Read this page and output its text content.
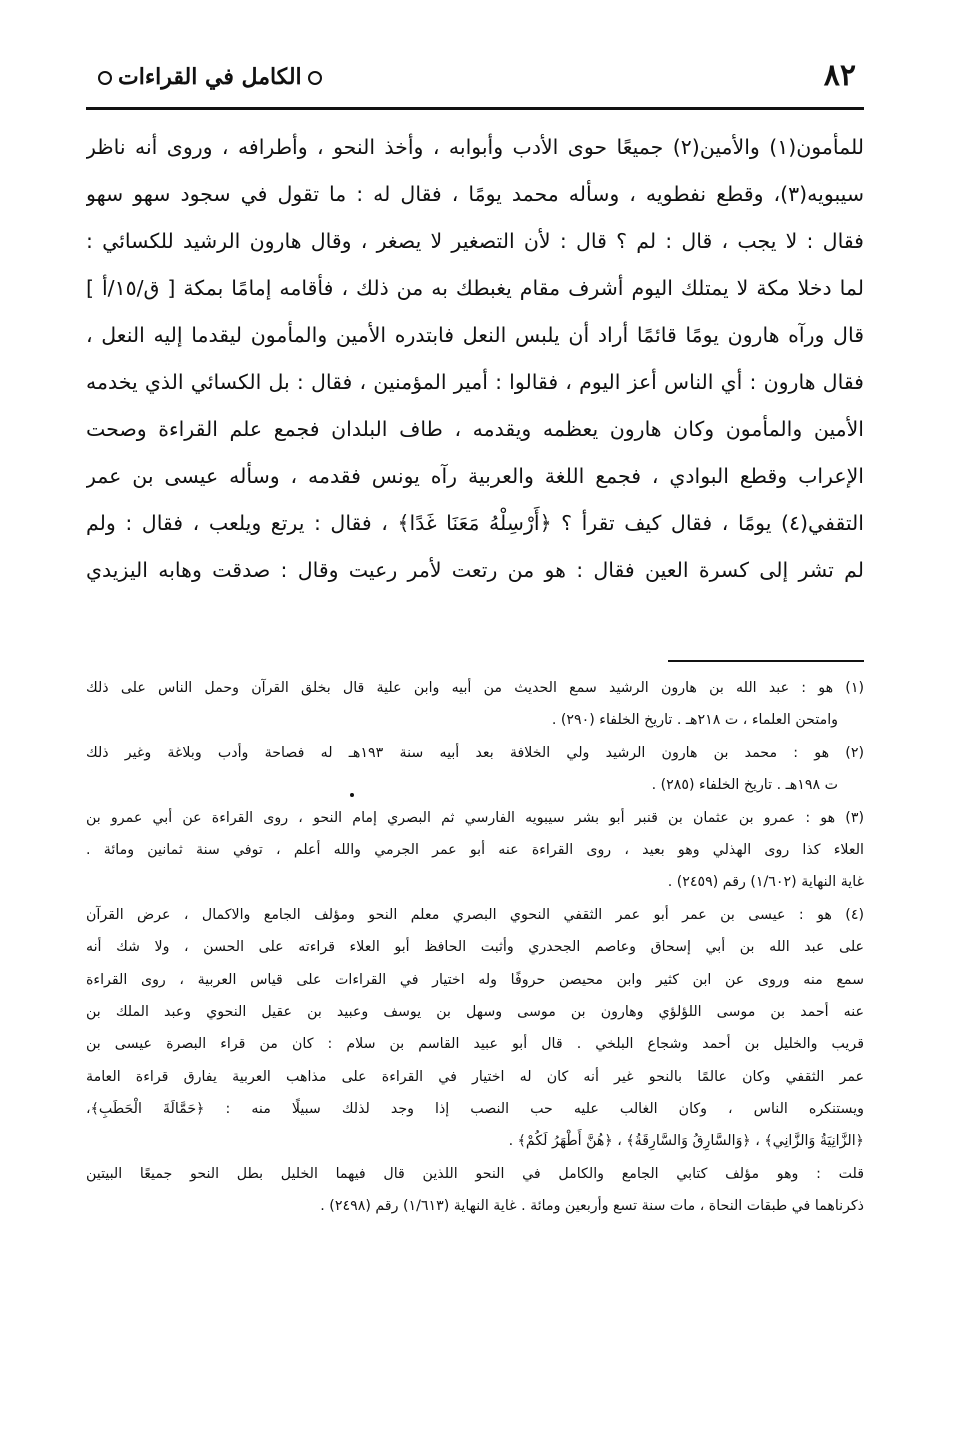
٨٢
الكامل في القراءات
للمأمون(١) والأمين(٢) جميعًا حوى الأدب وأبوابه ، وأخذ النحو ، وأطرافه ، وروى أنه ناظر
سيبويه(٣)، وقطع نفطويه ، وسأله محمد يومًا ، فقال له : ما تقول في سجود سهو سهو
فقال : لا يجب ، قال : لم ؟ قال : لأن التصغير لا يصغر ، وقال هارون الرشيد للكسائي :
لما دخلا مكة لا يمتلك اليوم أشرف مقام يغبطك به من ذلك ، فأقامه إمامًا بمكة [ ق/١٥/أ ]
قال ورآه هارون يومًا قائمًا أراد أن يلبس النعل فابتدره الأمين والمأمون ليقدما إليه النعل ،
فقال هارون : أي الناس أعز اليوم ، فقالوا : أمير المؤمنين ، فقال : بل الكسائي الذي يخدمه
الأمين والمأمون وكان هارون يعظمه ويقدمه ، طاف البلدان فجمع علم القراءة وصحت
الإعراب وقطع البوادي ، فجمع اللغة والعربية رآه يونس فقدمه ، وسأله عيسى بن عمر
التقفي(٤) يومًا ، فقال كيف تقرأ ؟ ﴿أَرْسِلْهُ مَعَنَا غَدًا﴾ ، فقال : يرتع ويلعب ، فقال : ولم
لم تشر إلى كسرة العين فقال : هو من رتعت لأمر رعيت وقال : صدقت وهابه اليزيدي
(١) هو : عبد الله بن هارون الرشيد سمع الحديث من أبيه وابن علية قال بخلق القرآن وحمل الناس على ذلك
وامتحن العلماء ، ت ٢١٨هـ . تاريخ الخلفاء (٢٩٠) .
(٢) هو : محمد بن هارون الرشيد ولي الخلافة بعد أبيه سنة ١٩٣هـ له فصاحة وأدب وبلاغة وغير ذلك
ت ١٩٨هـ . تاريخ الخلفاء (٢٨٥) .
(٣) هو : عمرو بن عثمان بن قنبر أبو بشر سيبويه الفارسي ثم البصري إمام النحو ، روى القراءة عن أبي عمرو بن
العلاء كذا روى الهذلي وهو بعيد ، روى القراءة عنه أبو عمر الجرمي والله أعلم ، توفي سنة ثمانين ومائة .
غاية النهاية (١/٦٠٢) رقم (٢٤٥٩) .
(٤) هو : عيسى بن عمر أبو عمر الثقفي النحوي البصري معلم النحو ومؤلف الجامع والاكمال ، عرض القرآن
على عبد الله بن أبي إسحاق وعاصم الجحدري وأثبت الحافظ أبو العلاء قراءته على الحسن ، ولا شك أنه
سمع منه وروى عن ابن كثير وابن محيصن حروفًا وله اختيار في القراءات على قياس العربية ، روى القراءة
عنه أحمد بن موسى اللؤلؤي وهارون بن موسى وسهل بن يوسف وعبيد بن عقيل النحوي وعبد الملك بن
قريب والخليل بن أحمد وشجاع البلخي . قال أبو عبيد القاسم بن سلام : كان من قراء البصرة عيسى بن
عمر الثقفي وكان عالمًا بالنحو غير أنه كان له اختيار في القراءة على مذاهب العربية يفارق قراءة العامة
ويستنكره الناس ، وكان الغالب عليه حب النصب إذا وجد لذلك سبيلًا منه : ﴿حَمَّالَةَ الْحَطَبِ﴾،
﴿الزَّانِيَةُ وَالزَّانِي﴾ ، ﴿وَالسَّارِقُ وَالسَّارِقَةُ﴾ ، ﴿هُنَّ أَطْهَرُ لَكُمْ﴾ .
قلت : وهو مؤلف كتابي الجامع والكامل في النحو اللذين قال فيهما الخليل بطل النحو جميعًا البيتين
ذكرناهما في طبقات النحاة ، مات سنة تسع وأربعين ومائة . غاية النهاية (١/٦١٣) رقم (٢٤٩٨) .
